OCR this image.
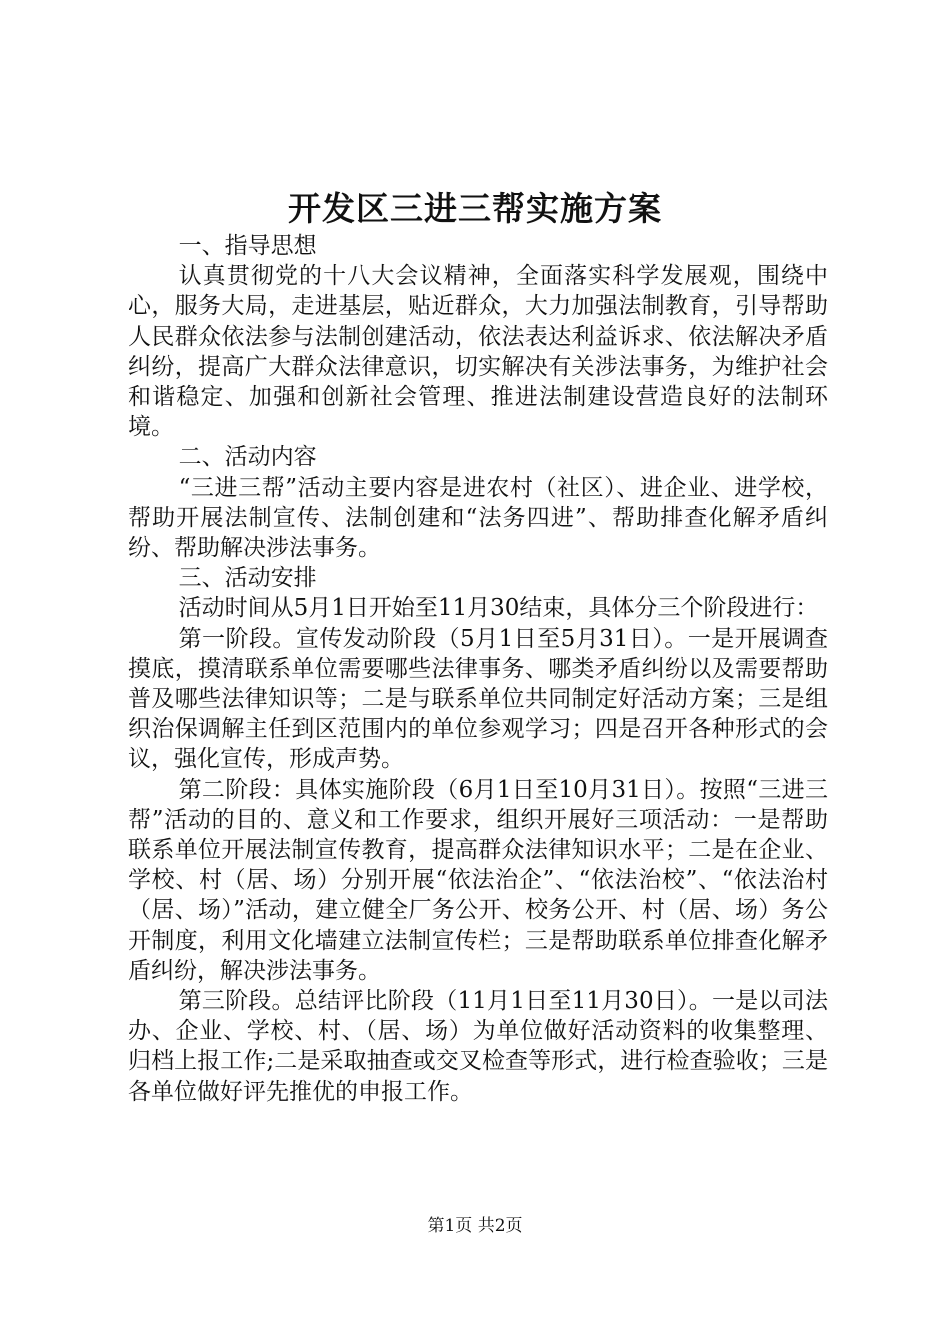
开发区三进三帮实施方案

一、指导思想

认真贯彻党的十八大会议精神，全面落实科学发展观，围绕中心，服务大局，走进基层，贴近群众，大力加强法制教育，引导帮助人民群众依法参与法制创建活动，依法表达利益诉求、依法解决矛盾纠纷，提高广大群众法律意识，切实解决有关涉法事务，为维护社会和谐稳定、加强和创新社会管理、推进法制建设营造良好的法制环境。

二、活动内容

“三进三帮”活动主要内容是进农村（社区）、进企业、进学校，帮助开展法制宣传、法制创建和“法务四进”、帮助排查化解矛盾纠纷、帮助解决涉法事务。

三、活动安排

活动时间从5月1日开始至11月30结束，具体分三个阶段进行：

第一阶段。宣传发动阶段（5月1日至5月31日）。一是开展调查摸底，摸清联系单位需要哪些法律事务、哪类矛盾纠纷以及需要帮助普及哪些法律知识等；二是与联系单位共同制定好活动方案；三是组织治保调解主任到区范围内的单位参观学习；四是召开各种形式的会议，强化宣传，形成声势。

第二阶段：具体实施阶段（6月1日至10月31日）。按照“三进三帮”活动的目的、意义和工作要求，组织开展好三项活动：一是帮助联系单位开展法制宣传教育，提高群众法律知识水平；二是在企业、学校、村（居、场）分别开展“依法治企”、“依法治校”、“依法治村（居、场）”活动，建立健全厂务公开、校务公开、村（居、场）务公开制度，利用文化墙建立法制宣传栏；三是帮助联系单位排查化解矛盾纠纷，解决涉法事务。

第三阶段。总结评比阶段（11月1日至11月30日）。一是以司法办、企业、学校、村、（居、场）为单位做好活动资料的收集整理、归档上报工作;二是采取抽查或交叉检查等形式，进行检查验收；三是各单位做好评先推优的申报工作。

第1页 共2页
